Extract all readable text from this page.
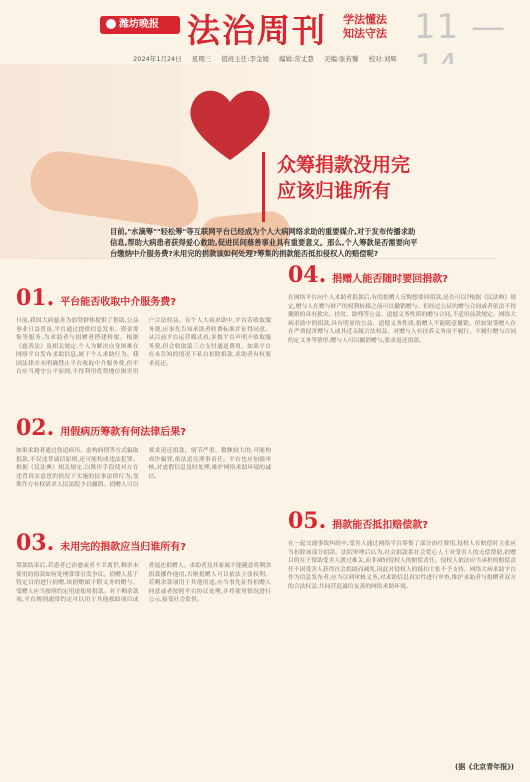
潍坊晚报 法治周刊 学法懂法
知法守法 11 —
2024年1月24日 星期三 值班主任:李金媛 编辑:常丈慧 美编:张若馨 校对:刘辉
众筹捐款没用完
应该归谁所有
目前,"水滴筹""轻松筹"等互联网平台已经成为个人大病网络求助的重要媒介,对于发布传播求助信息,帮助大病患者获得爱心救助,促进民间慈善事业具有重要意义。那么,个人筹款是否需要向平台缴纳中介服务费?未用完的捐款该如何处理?筹集的捐款能否抵扣侵权人的赔偿呢?
01. 平台能否收取中介服务费?
日前,我国大病慈善为弱势群体提供了帮助,公益事业日益普及,平台通过提供信息发布、资金筹集等服务,为求助者与捐赠者搭建桥梁。根据《慈善法》及相关规定,个人为解决自身困难在网络平台发布求助信息,属于个人求助行为。我国法律并未明确禁止平台收取中介服务费,但平台应当遵守公平原则,不得利用优势地位损害用户合法权益。在个人大病求助中,平台若收取服务费,应事先告知求助者收费标准并征得同意。从目前平台运营模式看,多数平台声明不收取服务费,但会收取第三方支付通道费用。如果平台在未告知的情况下私自扣除捐款,求助者有权要求返还。
02. 用假病历筹款有何法律后果?
如果求助者通过伪造病历、虚构病情等方式骗取捐款,不仅违背诚信原则,还可能构成违法犯罪。根据《民法典》相关规定,以欺诈手段使对方在违背真实意思的情况下实施的民事法律行为,受欺诈方有权请求人民法院予以撤销。捐赠人可以要求返还捐款。情节严重、数额较大的,可能构成诈骗罪,依法追究刑事责任。平台也应加强审核,对虚假信息及时处理,维护网络求助环境的诚信。
03. 未用完的捐款应当归谁所有?
筹款结束后,若患者已治愈或者不幸离世,剩余未使用的捐款如何处理常常引发争议。捐赠人基于特定目的进行捐赠,该捐赠属于附义务的赠与。受赠人应当按照约定用途使用捐款。对于剩余款项,平台规则通常约定可以用于其他救助项目或者退还捐赠人。求助者及其家属不能随意将剩余捐款挪作他用,否则捐赠人可以依法主张权利。若剩余款项用于其他用途,应当事先征得捐赠人同意或者按照平台协议处理,并将使用情况进行公示,接受社会监督。
04. 捐赠人能否随时要回捐款?
在网络平台向个人求助者捐款后,有的捐赠人反悔想要回捐款,是否可以?根据《民法典》规定,赠与人在赠与财产的权利转移之前可以撤销赠与。但经过公证的赠与合同或者依法不得撤销的具有救灾、扶贫、助残等公益、道德义务性质的赠与合同,不适用前款规定。网络大病求助中的捐款,具有明显的公益、道德义务性质,捐赠人不能随意撤销。但如果受赠人存在严重侵害赠与人或其近亲属合法权益、对赠与人有扶养义务而不履行、不履行赠与合同约定义务等情形,赠与人可以撤销赠与,要求返还捐款。
05. 捐款能否抵扣赔偿款?
在一起交通事故纠纷中,受害人通过网络平台筹集了部分治疗费用,侵权人在赔偿时主张应当扣除该部分捐款。法院审理后认为,社会捐款系社会爱心人士对受害人的无偿帮助,捐赠目的在于帮助受害人渡过难关,而非减轻侵权人的赔偿责任。侵权人依法应当承担的赔偿责任不因受害人获得社会捐助而减免,因此对侵权人的抵扣主张不予支持。网络大病求助平台作为信息发布者,应当尽到审核义务,对求助信息真实性进行审查,维护求助者与捐赠者双方的合法权益,共同营造诚信友善的网络求助环境。
(据《北京青年报》)
